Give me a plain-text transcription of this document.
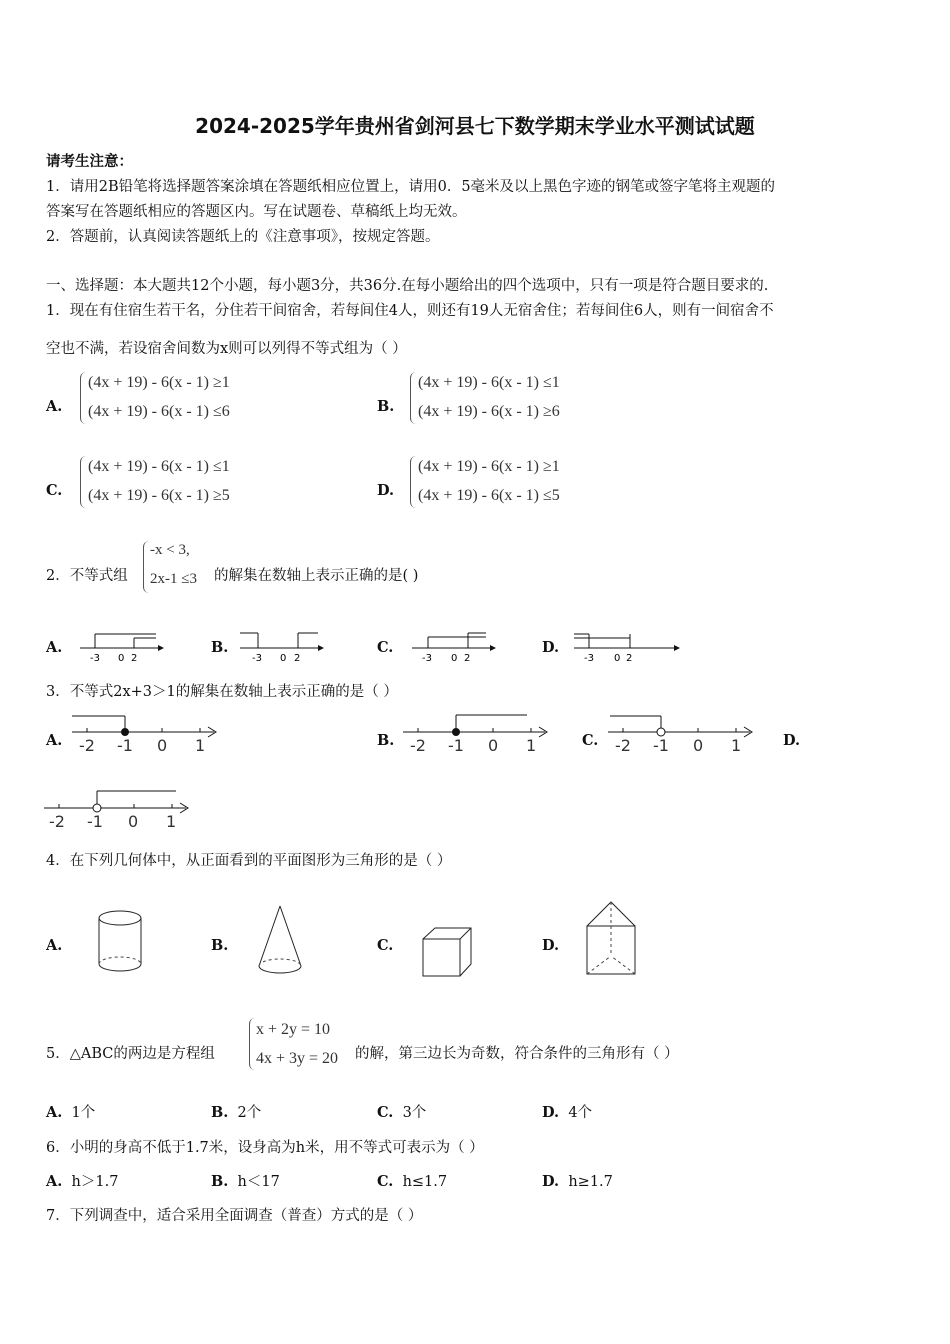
2024-2025学年贵州省剑河县七下数学期末学业水平测试试题
请考生注意：
1．请用2B铅笔将选择题答案涂填在答题纸相应位置上，请用0．5毫米及以上黑色字迹的钢笔或签字笔将主观题的
答案写在答题纸相应的答题区内。写在试题卷、草稿纸上均无效。
2．答题前，认真阅读答题纸上的《注意事项》，按规定答题。
一、选择题：本大题共12个小题，每小题3分，共36分.在每小题给出的四个选项中，只有一项是符合题目要求的.
1．现在有住宿生若干名，分住若干间宿舍，若每间住4人，则还有19人无宿舍住；若每间住6人，则有一间宿舍不
空也不满，若设宿舍间数为x则可以列得不等式组为（ ）
A.
(4x + 19) - 6(x - 1) ≥1
(4x + 19) - 6(x - 1) ≤6	B.
(4x + 19) - 6(x - 1) ≤1
(4x + 19) - 6(x - 1) ≥6
C.
(4x + 19) - 6(x - 1) ≤1
(4x + 19) - 6(x - 1) ≥5	D.
(4x + 19) - 6(x - 1) ≥1
(4x + 19) - 6(x - 1) ≤5
2．不等式组
-x < 3,
2x-1 ≤3 的解集在数轴上表示正确的是( )
A.	B.	C.	D.
-3 0 2	-3 0 2	-3 0 2	-3 0 2
3．不等式2x+3＞1的解集在数轴上表示正确的是（ ）
A. -2 -1 0 1	B. -2 -1 0 1	C. -2 -1 0 1	D.
-2 -1 0 1
4．在下列几何体中，从正面看到的平面图形为三角形的是（ ）
A.	B.	C.	D.
5．△ABC的两边是方程组
x + 2y = 10
4x + 3y = 20 的解，第三边长为奇数，符合条件的三角形有（ ）
A. 1个	B. 2个	C. 3个	D. 4个
6．小明的身高不低于1.7米，设身高为h米，用不等式可表示为（ ）
A. h＞1.7	B. h＜17	C. h≤1.7	D. h≥1.7
7．下列调查中，适合采用全面调查（普查）方式的是（ ）
